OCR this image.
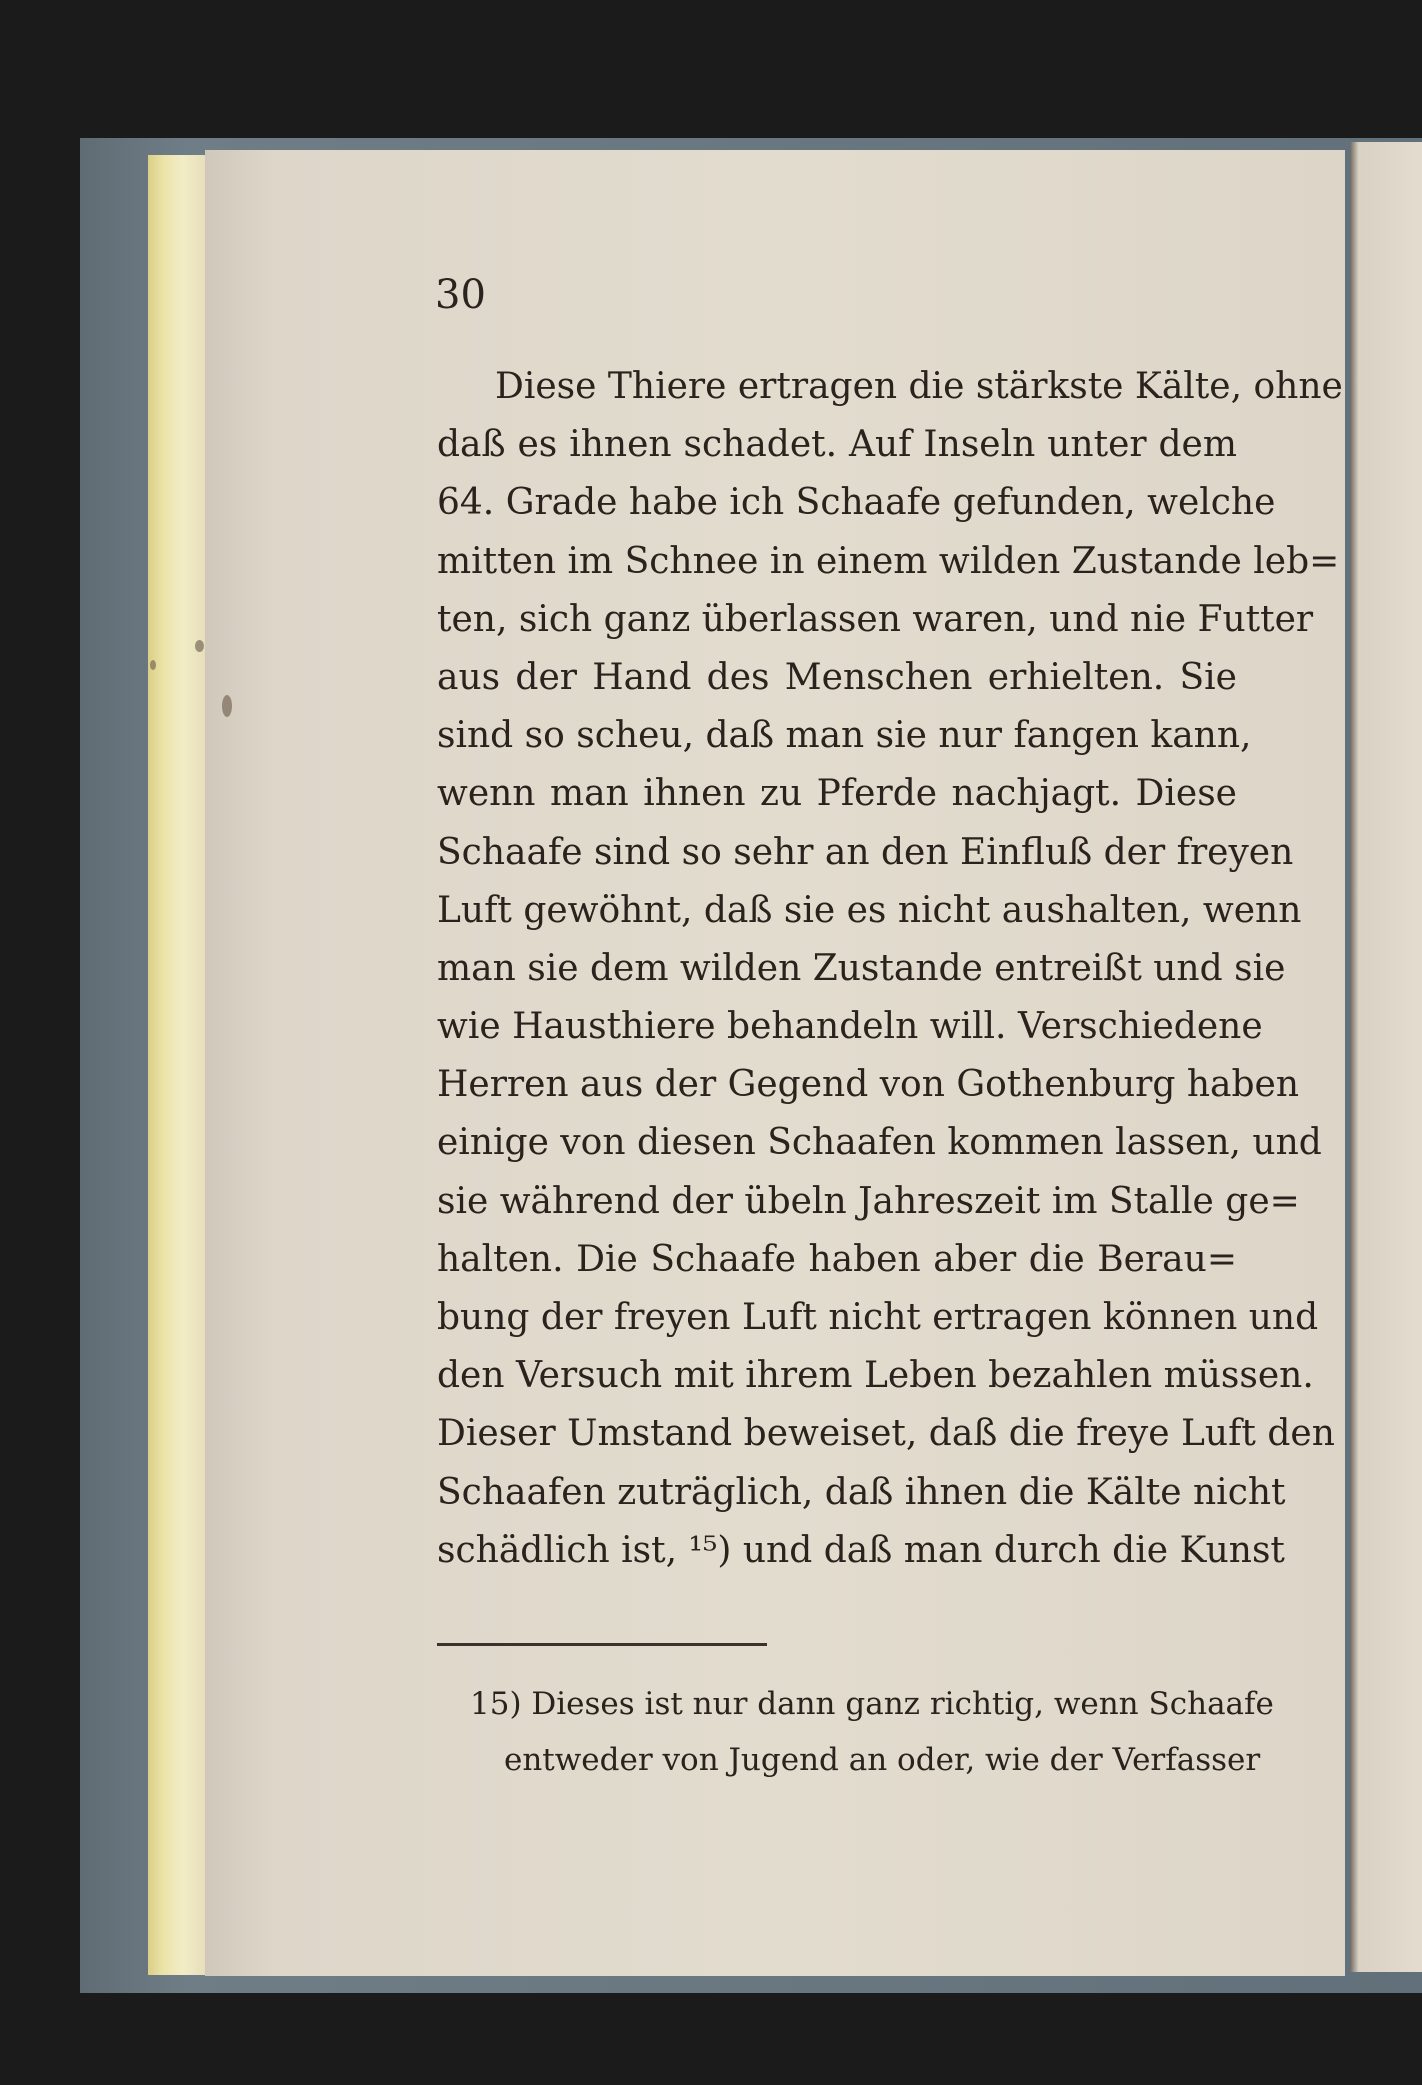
30
Diese Thiere ertragen die stärkste Kälte, ohne
daß es ihnen schadet. Auf Inseln unter dem
64. Grade habe ich Schaafe gefunden, welche
mitten im Schnee in einem wilden Zustande leb=
ten, sich ganz überlassen waren, und nie Futter
aus der Hand des Menschen erhielten. Sie
sind so scheu, daß man sie nur fangen kann,
wenn man ihnen zu Pferde nachjagt. Diese
Schaafe sind so sehr an den Einfluß der freyen
Luft gewöhnt, daß sie es nicht aushalten, wenn
man sie dem wilden Zustande entreißt und sie
wie Hausthiere behandeln will. Verschiedene
Herren aus der Gegend von Gothenburg haben
einige von diesen Schaafen kommen lassen, und
sie während der übeln Jahreszeit im Stalle ge=
halten. Die Schaafe haben aber die Berau=
bung der freyen Luft nicht ertragen können und
den Versuch mit ihrem Leben bezahlen müssen.
Dieser Umstand beweiset, daß die freye Luft den
Schaafen zuträglich, daß ihnen die Kälte nicht
schädlich ist, ¹⁵) und daß man durch die Kunst
15) Dieses ist nur dann ganz richtig, wenn Schaafe
entweder von Jugend an oder, wie der Verfasser
